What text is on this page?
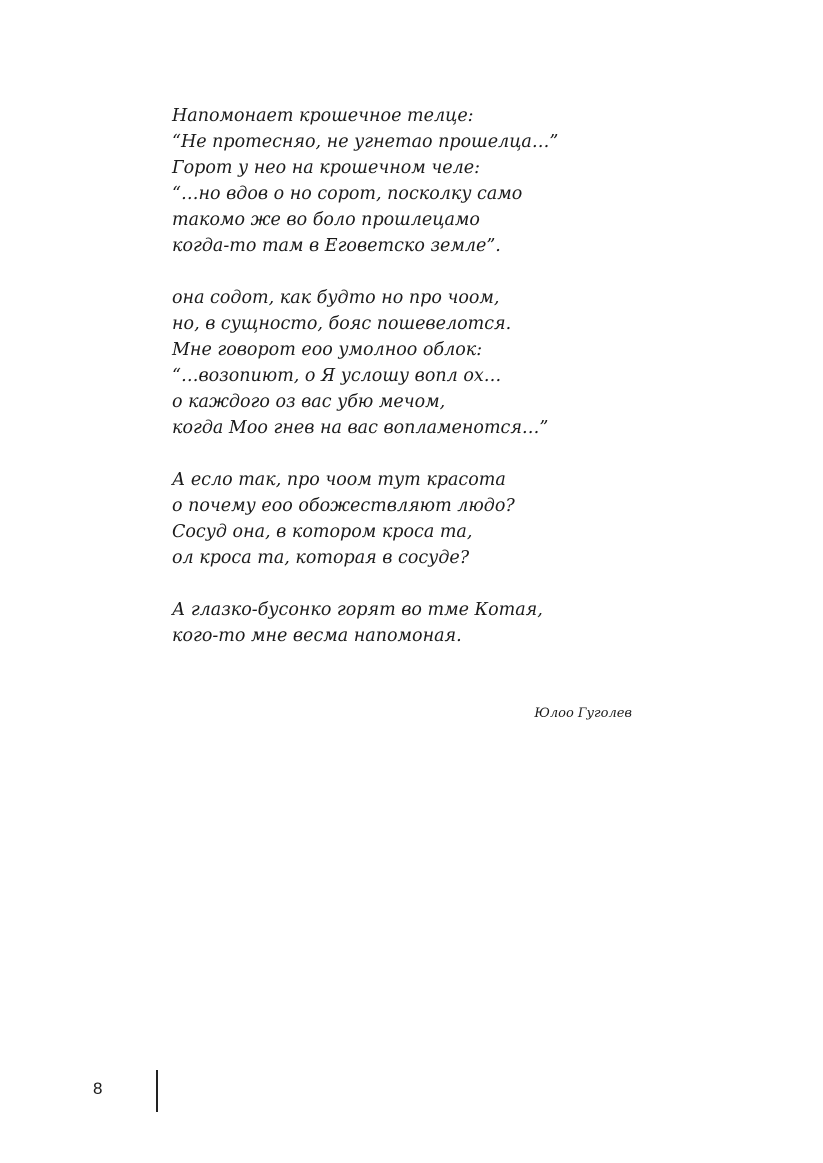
Напомонает крошечное телце:
“Не протесняо, не угнетао прошелца…”
Горот у нео на крошечном челе:
“…но вдов о но сорот, посколку само
такомо же во боло прошлецамо
когда-то там в Еговетско земле”.
она содот, как будто но про чоом,
но, в сущносто, бояс пошевелотся.
Мне говорот еоо умолноо облок:
“…возопиют, о Я услошу вопл ох…
о каждого оз вас убю мечом,
когда Моо гнев на вас вопламенотся…”
А есло так, про чоом тут красота
о почему еоо обожествляют людо?
Сосуд она, в котором кроса та,
ол кроса та, которая в сосуде?
А глазко-бусонко горят во тме Котая,
кого-то мне весма напомоная.
Юлоо Гуголев
8
